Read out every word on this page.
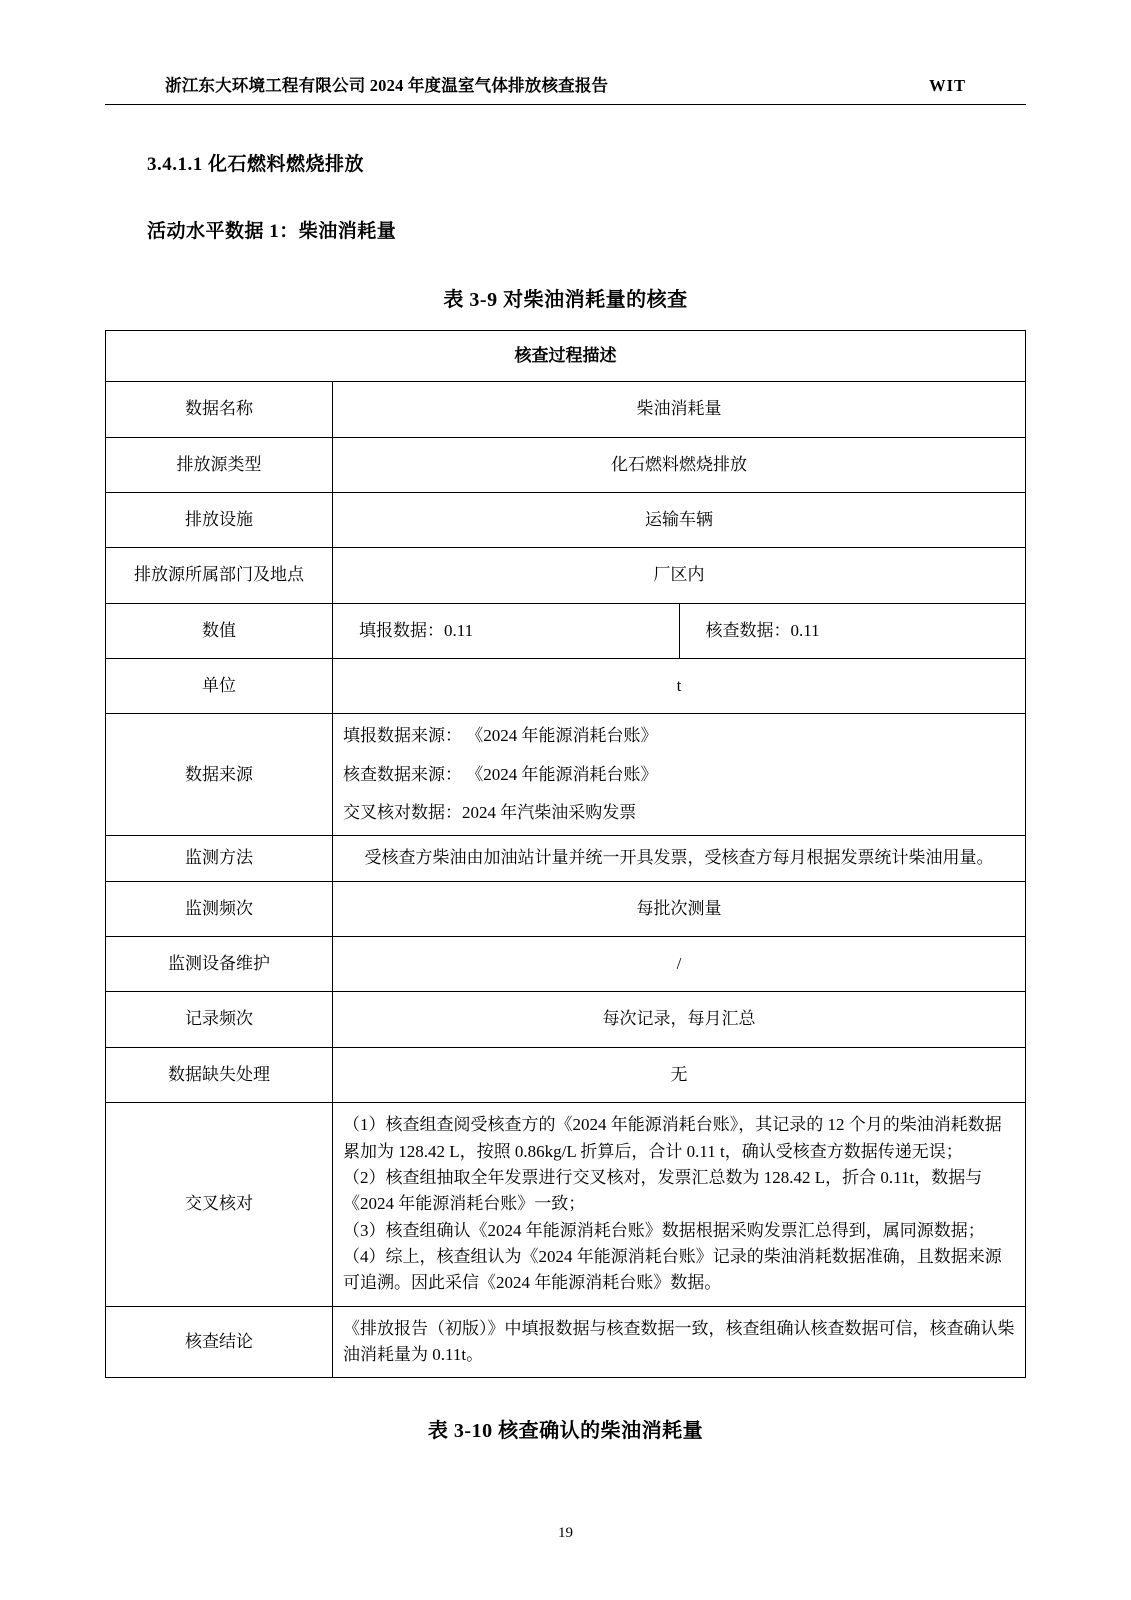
浙江东大环境工程有限公司 2024 年度温室气体排放核查报告	WIT
3.4.1.1 化石燃料燃烧排放
活动水平数据 1：柴油消耗量
表 3-9 对柴油消耗量的核查
核查过程描述		
数据名称	柴油消耗量	
排放源类型	化石燃料燃烧排放	
排放设施	运输车辆	
排放源所属部门及地点	厂区内	
数值	填报数据：0.11	核查数据：0.11
单位	t	
数据来源	填报数据来源： 《2024 年能源消耗台账》

核查数据来源： 《2024 年能源消耗台账》

交叉核对数据：2024 年汽柴油采购发票	

监测方法	受核查方柴油由加油站计量并统一开具发票，受核查方每月根据发票统计柴油用量。	
监测频次	每批次测量	
监测设备维护	/	
记录频次	每次记录，每月汇总	
数据缺失处理	无	
交叉核对	（1）核查组查阅受核查方的《2024 年能源消耗台账》，其记录的 12 个月的柴油消耗数据累加为 128.42 L，按照 0.86kg/L 折算后，合计 0.11 t，确认受核查方数据传递无误；

（2）核查组抽取全年发票进行交叉核对，发票汇总数为 128.42 L，折合 0.11t，数据与《2024 年能源消耗台账》一致；

（3）核查组确认《2024 年能源消耗台账》数据根据采购发票汇总得到，属同源数据；

（4）综上，核查组认为《2024 年能源消耗台账》记录的柴油消耗数据准确，且数据来源可追溯。因此采信《2024 年能源消耗台账》数据。	

核查结论	《排放报告（初版）》中填报数据与核查数据一致，核查组确认核查数据可信，核查确认柴油消耗量为 0.11t。	
表 3-10 核查确认的柴油消耗量
19
